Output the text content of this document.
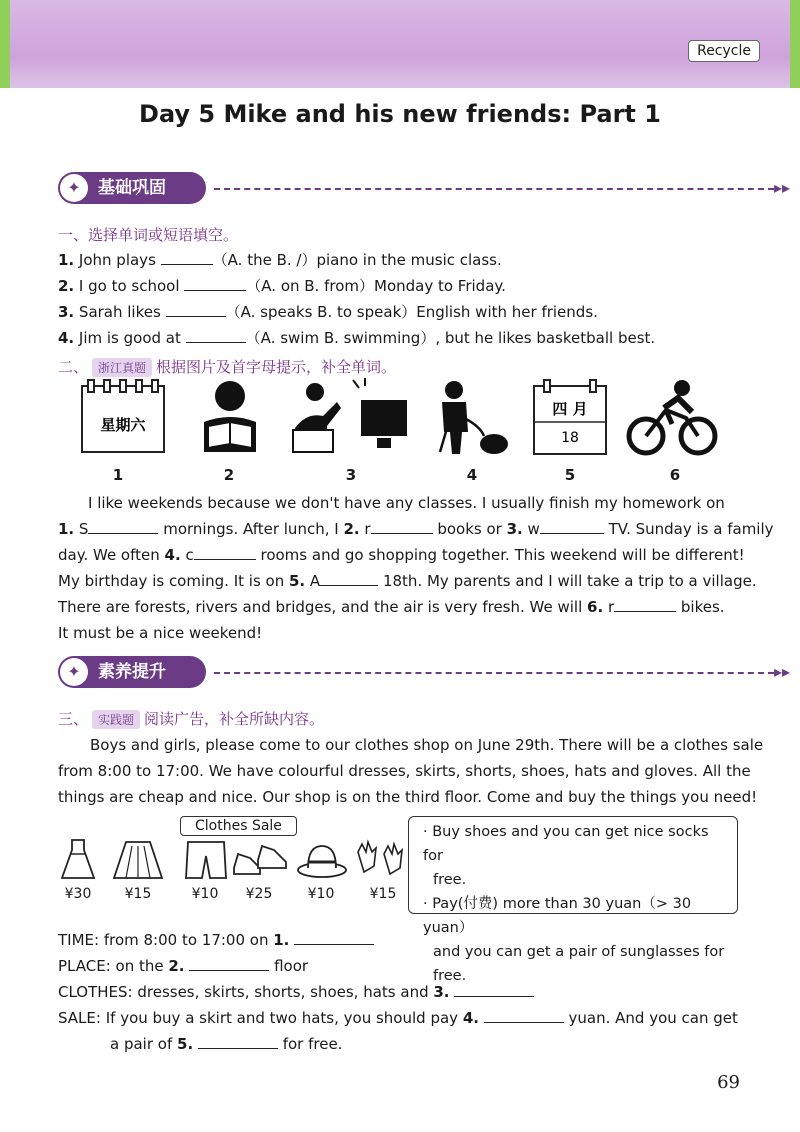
Recycle
Day 5 Mike and his new friends: Part 1
✦	基础巩固	▸▸
一、选择单词或短语填空。
1. John plays	（A. the B. /）piano in the music class.
2. I go to school	（A. on B. from）Monday to Friday.
3. Sarah likes	（A. speaks B. to speak）English with her friends.
4. Jim is good at	（A. swim B. swimming）, but he likes basketball best.
二、 浙江真题 根据图片及首字母提示，补全单词。
星期六
四 月
18
1	2	3	4	5	6
I like weekends because we don't have any classes. I usually finish my homework on
1. S	mornings. After lunch, I 2. r	books or 3. w	TV. Sunday is a family
day. We often 4. c	rooms and go shopping together. This weekend will be different!
My birthday is coming. It is on 5. A	18th. My parents and I will take a trip to a village.
There are forests, rivers and bridges, and the air is very fresh. We will 6. r	bikes.
It must be a nice weekend!
✦	素养提升	▸▸
三、 实践题 阅读广告，补全所缺内容。
Boys and girls, please come to our clothes shop on June 29th. There will be a clothes sale
from 8:00 to 17:00. We have colourful dresses, skirts, shorts, shoes, hats and gloves. All the
things are cheap and nice. Our shop is on the third floor. Come and buy the things you need!
Clothes Sale
¥30	¥15	¥10	¥25	¥10	¥15
· Buy shoes and you can get nice socks for
free.
· Pay(付费) more than 30 yuan（> 30 yuan）
and you can get a pair of sunglasses for free.
TIME: from 8:00 to 17:00 on 1.
PLACE: on the 2.	floor
CLOTHES: dresses, skirts, shorts, shoes, hats and 3.
SALE: If you buy a skirt and two hats, you should pay 4.	yuan. And you can get
a pair of 5.	for free.
69
